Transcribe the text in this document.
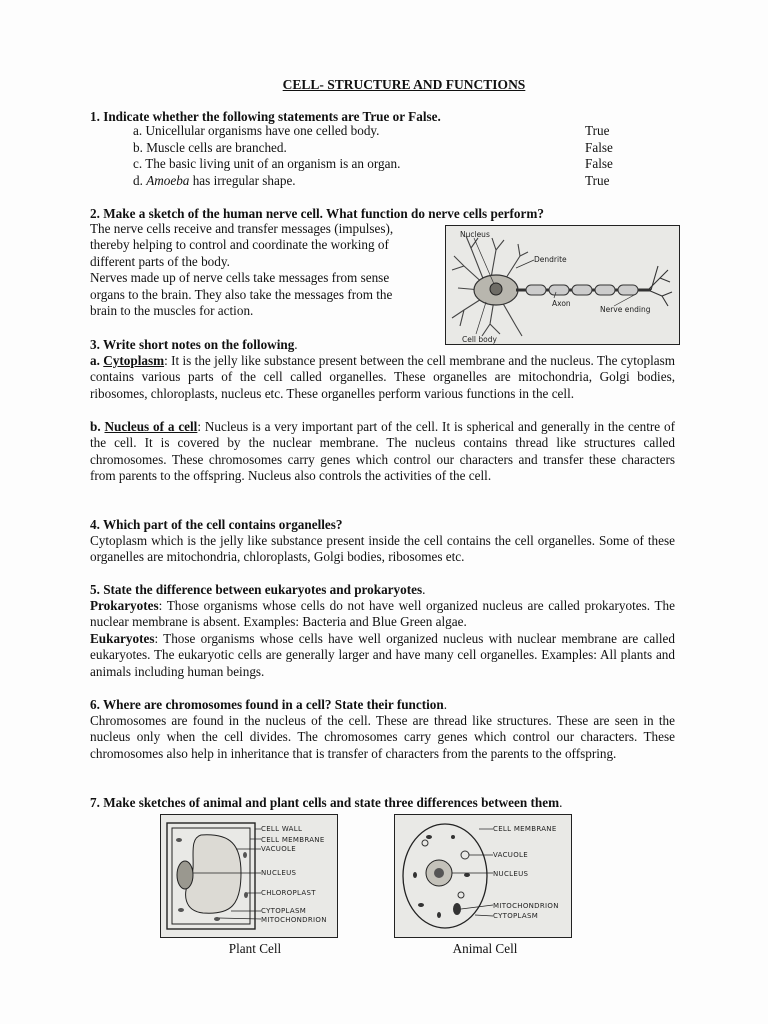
CELL- STRUCTURE AND FUNCTIONS
1. Indicate whether the following statements are True or False.
a. Unicellular organisms have one celled body.	True
b. Muscle cells are branched.	False
c. The basic living unit of an organism is an organ.	False
d. Amoeba has irregular shape.	True
2. Make a sketch of the human nerve cell. What function do nerve cells perform?
The nerve cells receive and transfer messages (impulses),
thereby helping to control and coordinate the working of
different parts of the body.
Nerves made up of nerve cells take messages from sense
organs to the brain. They also take the messages from the
brain to the muscles for action.
Nucleus
Dendrite
Axon
Nerve ending
Cell body
3. Write short notes on the following.
a. Cytoplasm: It is the jelly like substance present between the cell membrane and the nucleus. The cytoplasm contains various parts of the cell called organelles. These organelles are mitochondria, Golgi bodies, ribosomes, chloroplasts, nucleus etc. These organelles perform various functions in the cell.
b. Nucleus of a cell: Nucleus is a very important part of the cell. It is spherical and generally in the centre of the cell. It is covered by the nuclear membrane. The nucleus contains thread like structures called chromosomes. These chromosomes carry genes which control our characters and transfer these characters from parents to the offspring. Nucleus also controls the activities of the cell.
4. Which part of the cell contains organelles?
Cytoplasm which is the jelly like substance present inside the cell contains the cell organelles. Some of these organelles are mitochondria, chloroplasts, Golgi bodies, ribosomes etc.
5. State the difference between eukaryotes and prokaryotes.
Prokaryotes: Those organisms whose cells do not have well organized nucleus are called prokaryotes. The nuclear membrane is absent. Examples: Bacteria and Blue Green algae.
Eukaryotes: Those organisms whose cells have well organized nucleus with nuclear membrane are called eukaryotes. The eukaryotic cells are generally larger and have many cell organelles. Examples: All plants and animals including human beings.
6. Where are chromosomes found in a cell? State their function.
Chromosomes are found in the nucleus of the cell. These are thread like structures. These are seen in the nucleus only when the cell divides. The chromosomes carry genes which control our characters. These chromosomes also help in inheritance that is transfer of characters from the parents to the offspring.
7. Make sketches of animal and plant cells and state three differences between them.
CELL WALL
CELL MEMBRANE
VACUOLE
NUCLEUS
CHLOROPLAST
CYTOPLASM
MITOCHONDRION
Plant Cell
CELL MEMBRANE
VACUOLE
NUCLEUS
MITOCHONDRION
CYTOPLASM
Animal Cell
